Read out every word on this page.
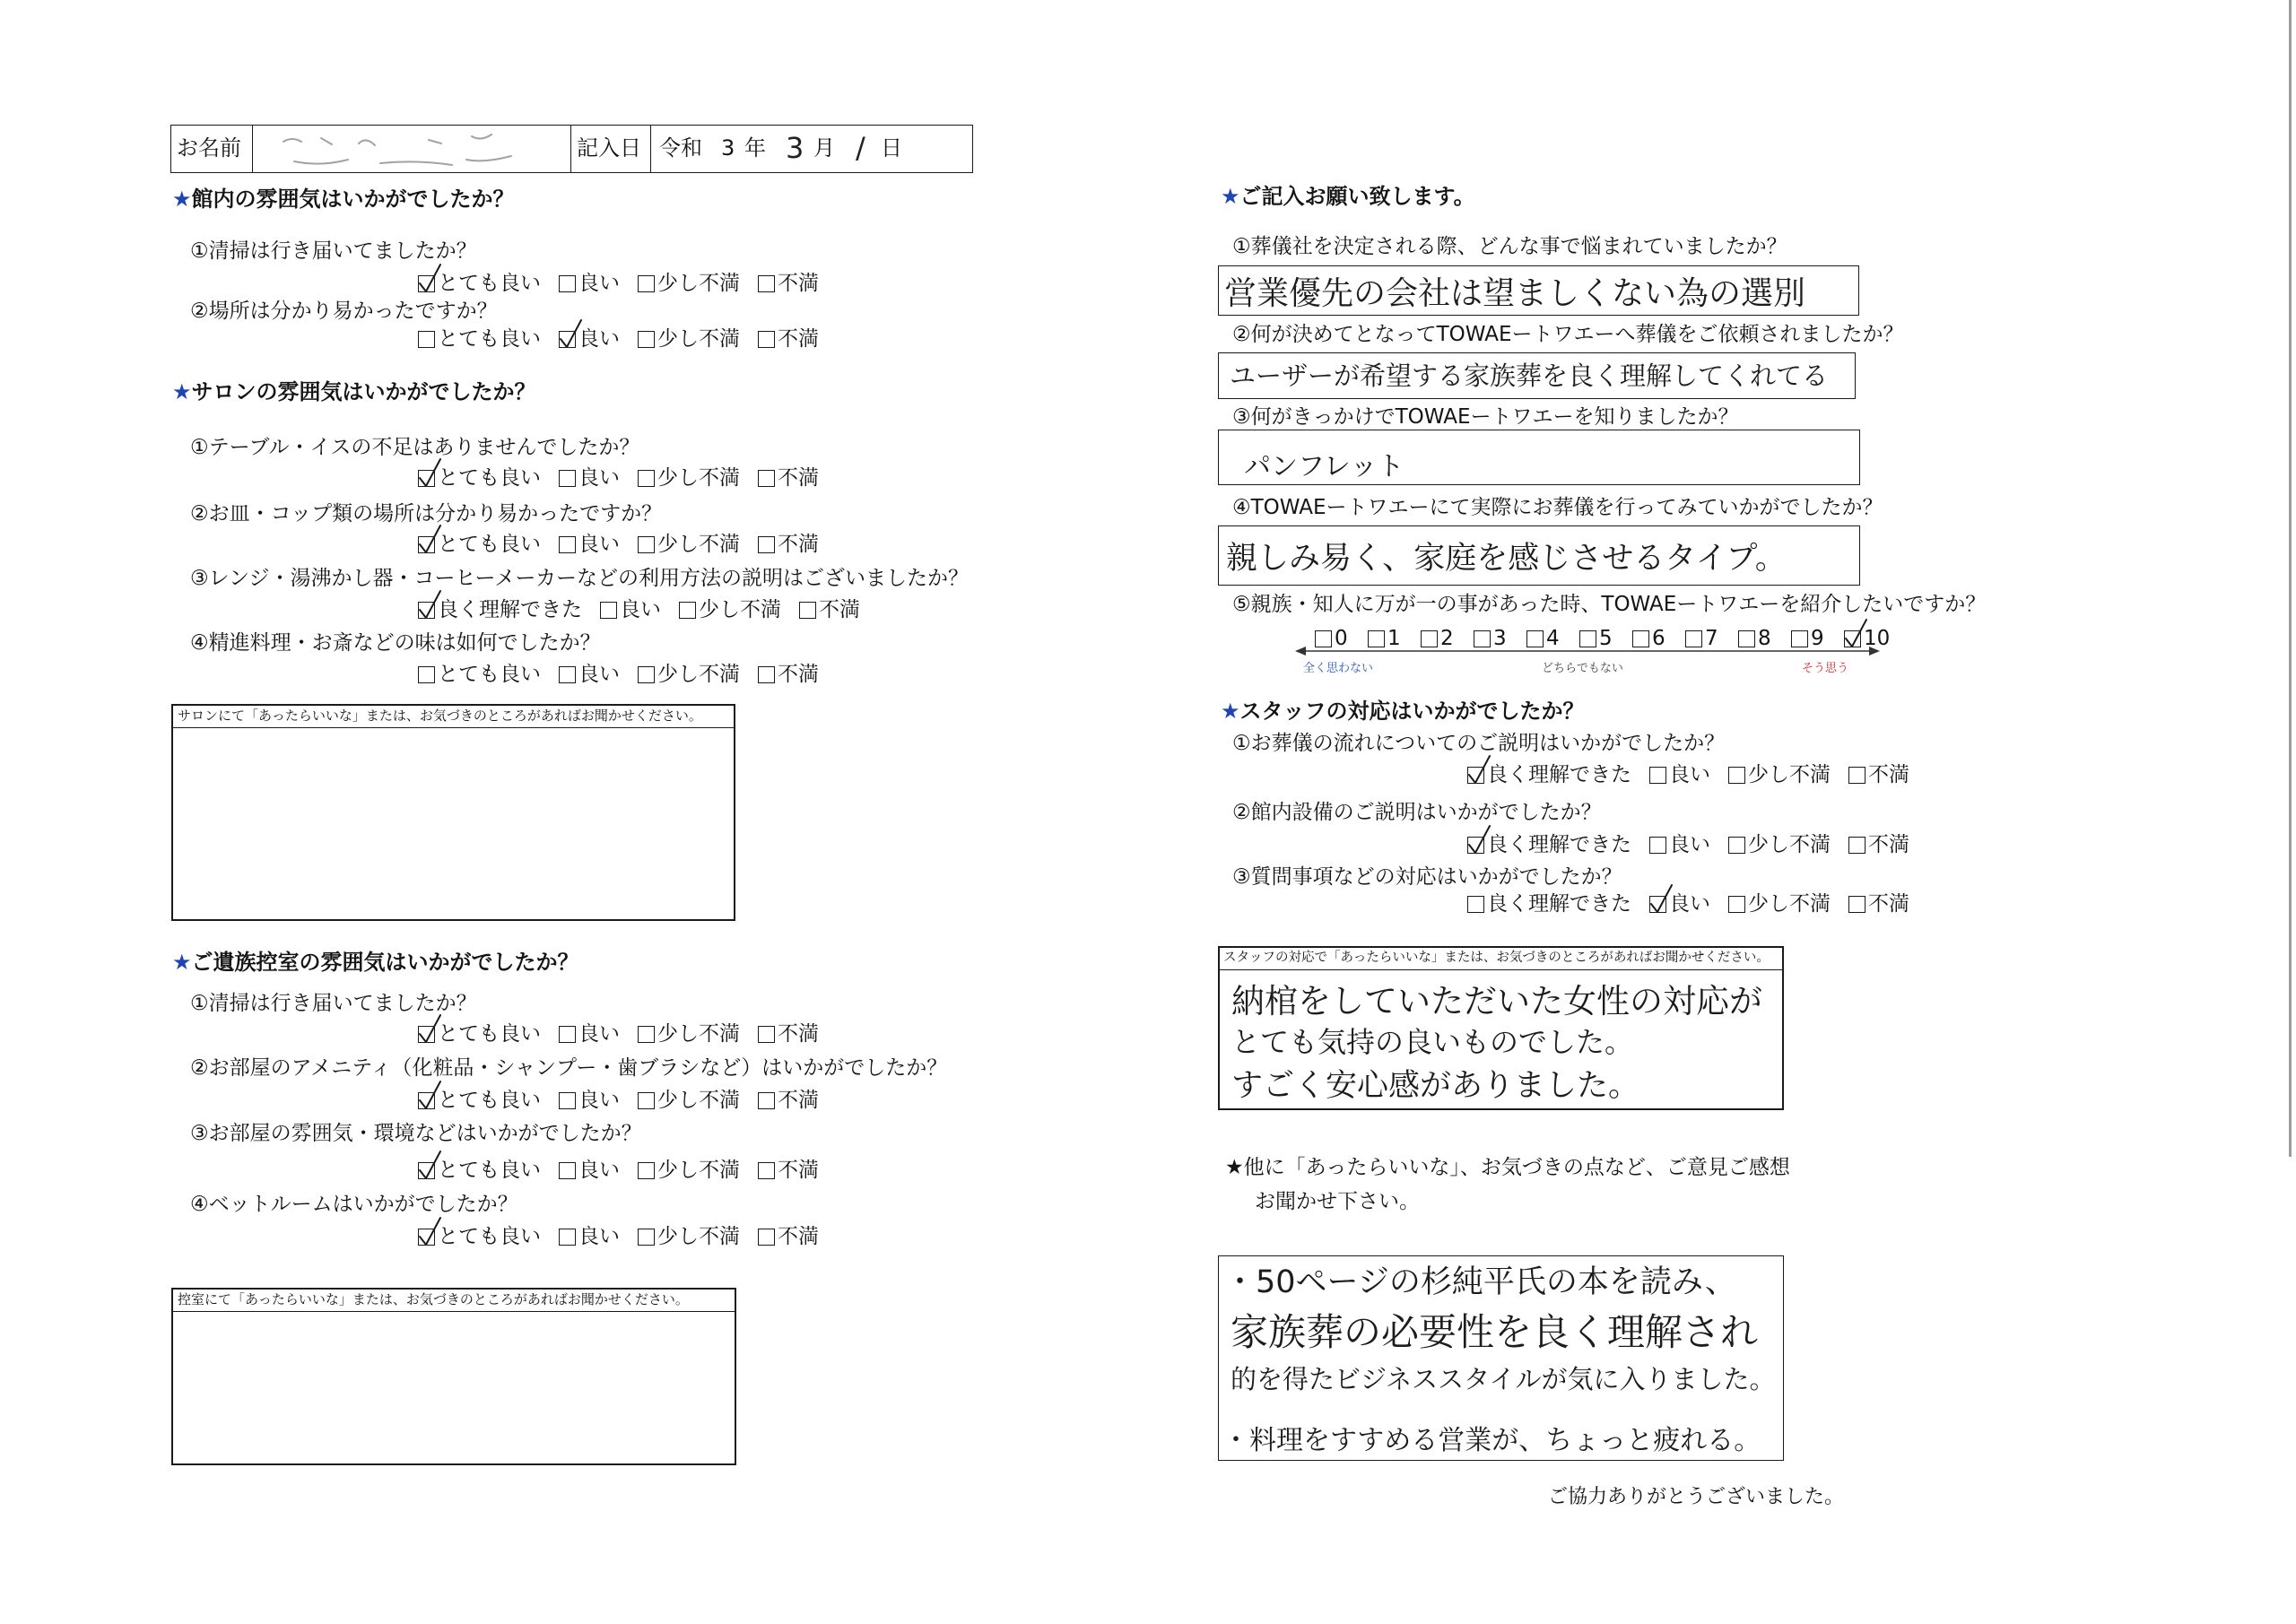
お名前	記入日 令和 3 年 3 月 / 日
★館内の雰囲気はいかがでしたか？
①清掃は行き届いてましたか？
とても良い 良い 少し不満 不満
②場所は分かり易かったですか？
とても良い 良い 少し不満 不満
★サロンの雰囲気はいかがでしたか？
①テーブル・イスの不足はありませんでしたか？
とても良い 良い 少し不満 不満
②お皿・コップ類の場所は分かり易かったですか？
とても良い 良い 少し不満 不満
③レンジ・湯沸かし器・コーヒーメーカーなどの利用方法の説明はございましたか？
良く理解できた 良い 少し不満 不満
④精進料理・お斎などの味は如何でしたか？
とても良い 良い 少し不満 不満
サロンにて「あったらいいな」または、お気づきのところがあればお聞かせください。
★ご遺族控室の雰囲気はいかがでしたか？
①清掃は行き届いてましたか？
とても良い 良い 少し不満 不満
②お部屋のアメニティ（化粧品・シャンプー・歯ブラシなど）はいかがでしたか？
とても良い 良い 少し不満 不満
③お部屋の雰囲気・環境などはいかがでしたか？
とても良い 良い 少し不満 不満
④ベットルームはいかがでしたか？
とても良い 良い 少し不満 不満
控室にて「あったらいいな」または、お気づきのところがあればお聞かせください。
★ご記入お願い致します。
①葬儀社を決定される際、どんな事で悩まれていましたか？
営業優先の会社は望ましくない為の選別
②何が決めてとなってTOWAEートワエーへ葬儀をご依頼されましたか？
ユーザーが希望する家族葬を良く理解してくれてる
③何がきっかけでTOWAEートワエーを知りましたか？
パンフレット
④TOWAEートワエーにて実際にお葬儀を行ってみていかがでしたか？
親しみ易く、家庭を感じさせるタイプ。
⑤親族・知人に万が一の事があった時、TOWAEートワエーを紹介したいですか？
0 1 2 3 4 5 6 7 8 9 10
全く思わない	どちらでもない	そう思う
★スタッフの対応はいかがでしたか？
①お葬儀の流れについてのご説明はいかがでしたか？
良く理解できた 良い 少し不満 不満
②館内設備のご説明はいかがでしたか？
良く理解できた 良い 少し不満 不満
③質問事項などの対応はいかがでしたか？
良く理解できた 良い 少し不満 不満
スタッフの対応で「あったらいいな」または、お気づきのところがあればお聞かせください。
納棺をしていただいた女性の対応が
とても気持の良いものでした。
すごく安心感がありました。
★他に「あったらいいな」、お気づきの点など、ご意見ご感想
お聞かせ下さい。
・50ページの杉純平氏の本を読み、
家族葬の必要性を良く理解され
的を得たビジネススタイルが気に入りました。
・料理をすすめる営業が、ちょっと疲れる。
ご協力ありがとうございました。
